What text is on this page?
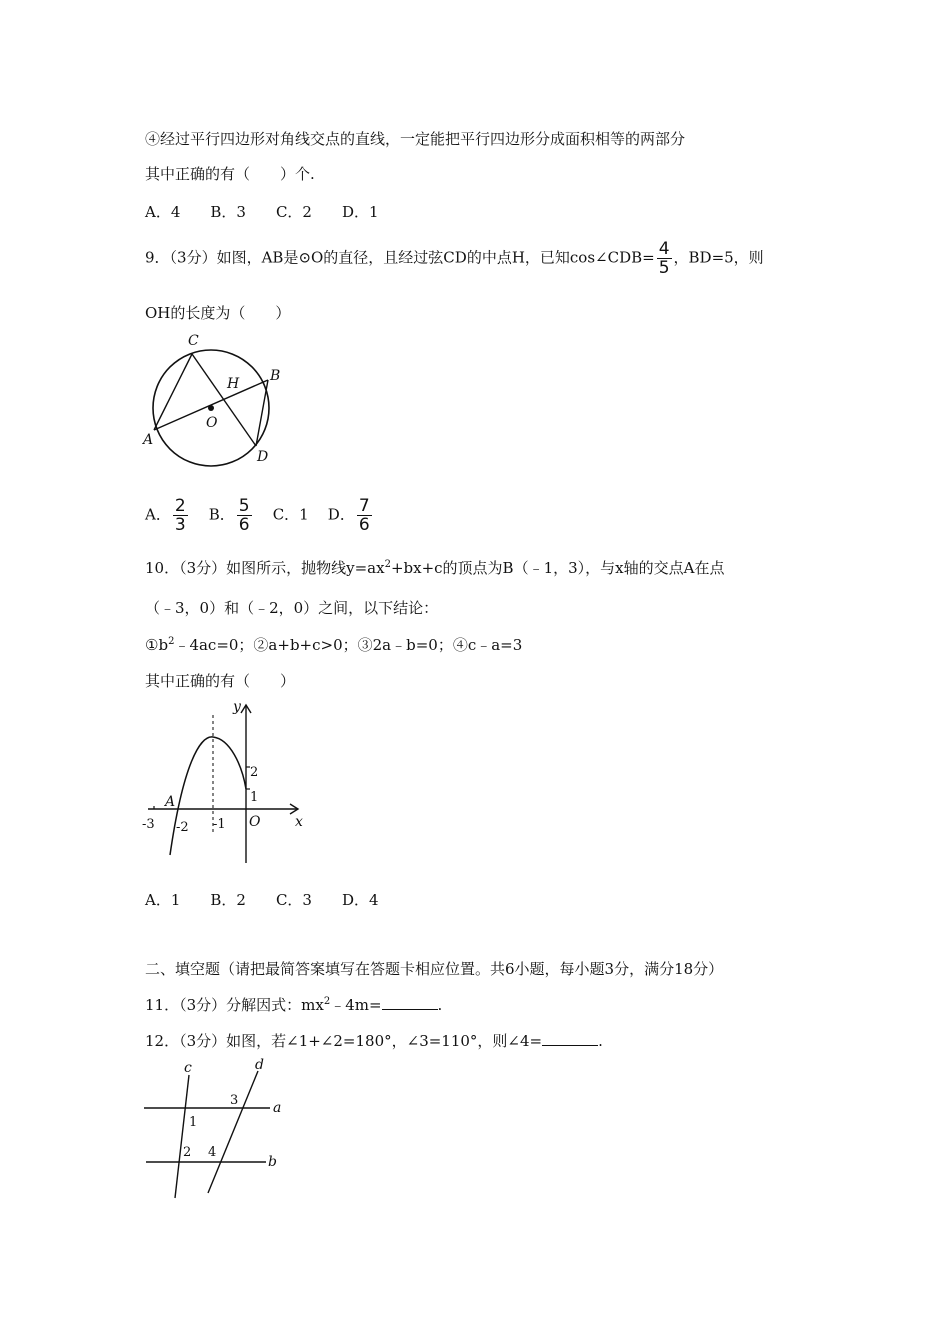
④经过平行四边形对角线交点的直线，一定能把平行四边形分成面积相等的两部分
其中正确的有（　　）个.
A．4　　B．3　　C．2　　D．1
9．（3分）如图，AB是⊙O的直径，且经过弦CD的中点H，已知cos∠CDB= $\frac{4}{5}$ ，BD=5，则
OH的长度为（　　）
C
H B
O
A
D
A． $\frac{2}{3}$ B． $\frac{5}{6}$ C．1 D． $\frac{7}{6}$
10．（3分）如图所示，抛物线$y=ax^2+bx+c$的顶点为B（﹣1，3），与x轴的交点A在点
（﹣3，0）和（﹣2，0）之间，以下结论：
$①b^2﹣4ac=0$；②a+b+c>0；③2a﹣b=0；④c﹣a=3
其中正确的有（　　）
y
x
A
O
2
1
-3 -2 -1
A．1　　B．2　　C．3　　D．4
二、填空题（请把最简答案填写在答题卡相应位置。共6小题，每小题3分，满分18分）
11．（3分）分解因式：$mx^2﹣4m=$	.
12．（3分）如图，若∠1+∠2=180°，∠3=110°，则∠4=	.
c	d
a
b
1
2
3
4
